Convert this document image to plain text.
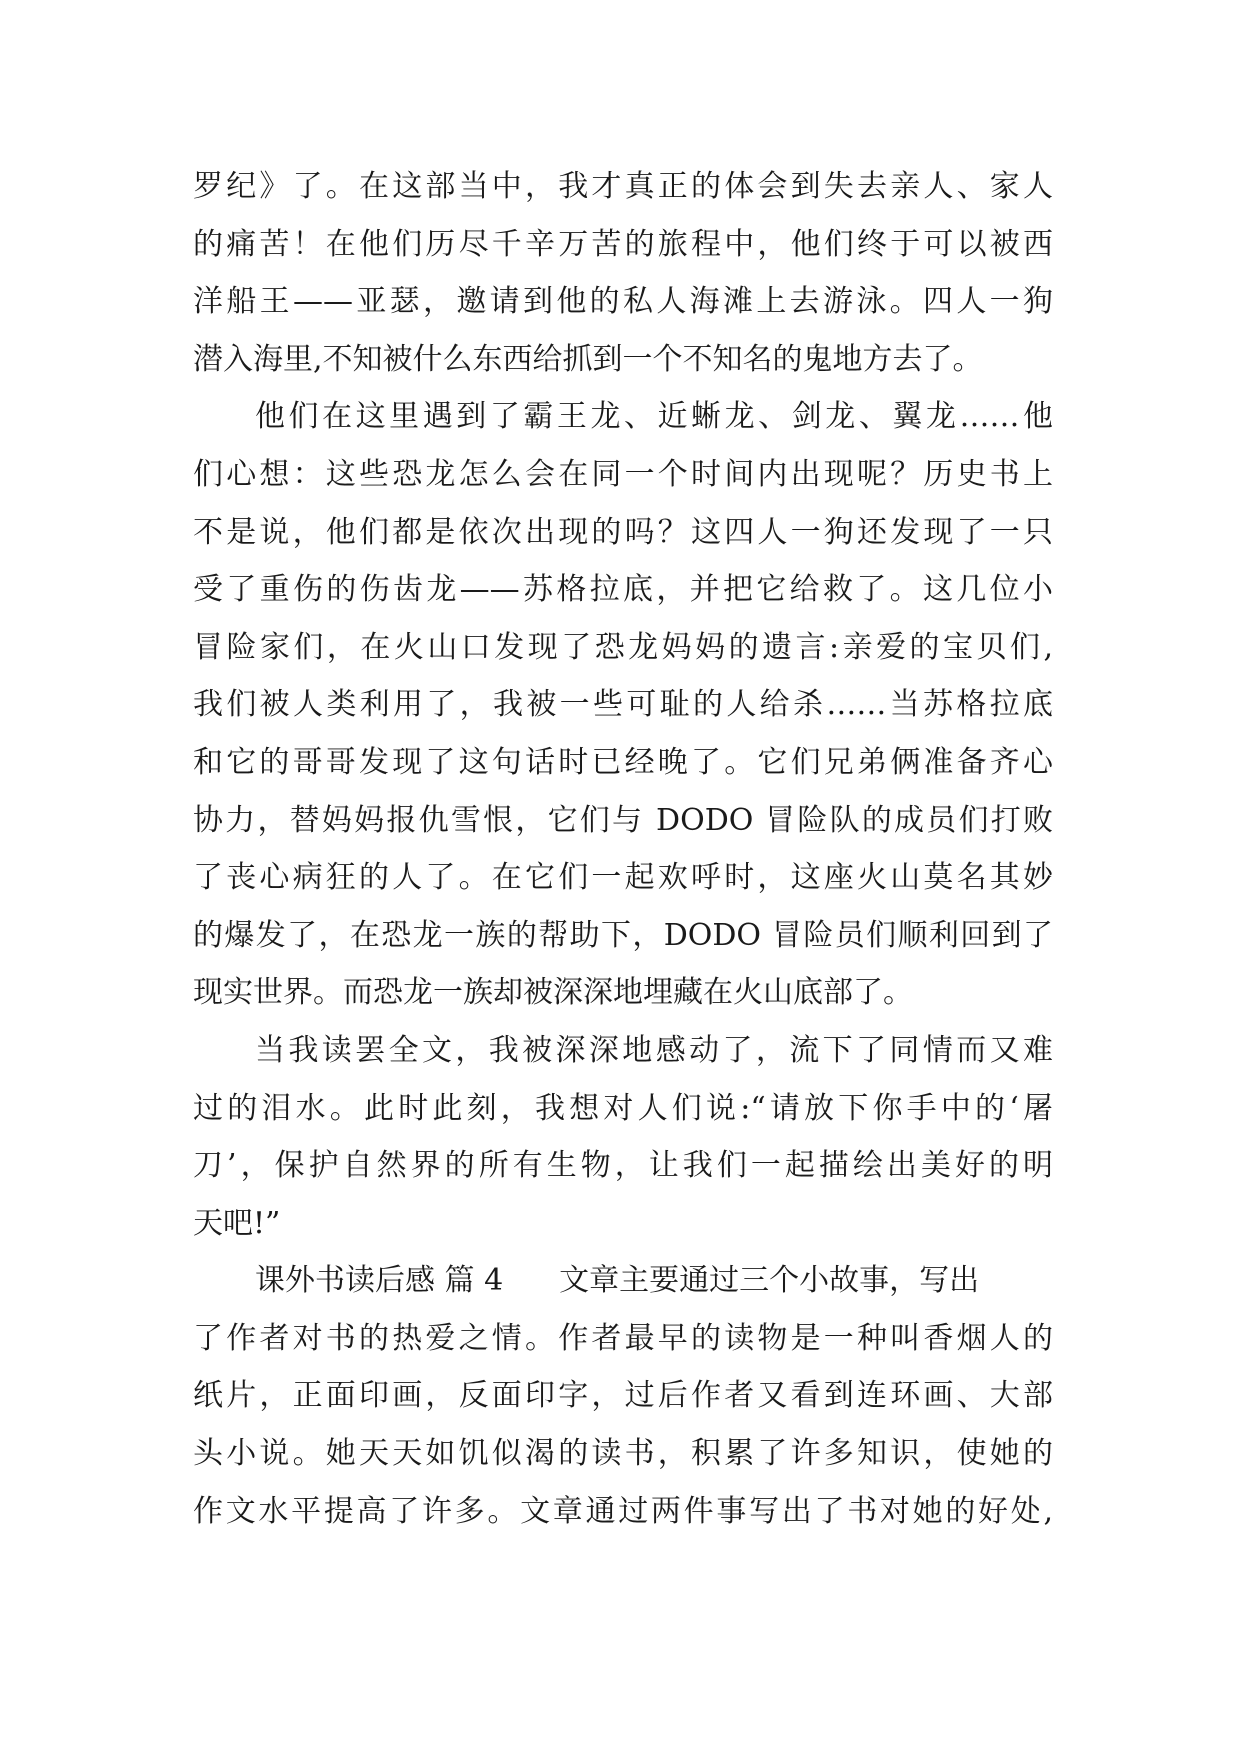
罗纪》了。在这部当中，我才真正的体会到失去亲人、家人
的痛苦！在他们历尽千辛万苦的旅程中，他们终于可以被西
洋船王——亚瑟，邀请到他的私人海滩上去游泳。四人一狗
潜入海里,不知被什么东西给抓到一个不知名的鬼地方去了。
他们在这里遇到了霸王龙、近蜥龙、剑龙、翼龙……他
们心想：这些恐龙怎么会在同一个时间内出现呢？历史书上
不是说，他们都是依次出现的吗？这四人一狗还发现了一只
受了重伤的伤齿龙——苏格拉底，并把它给救了。这几位小
冒险家们，在火山口发现了恐龙妈妈的遗言:亲爱的宝贝们,
我们被人类利用了，我被一些可耻的人给杀……当苏格拉底
和它的哥哥发现了这句话时已经晚了。它们兄弟俩准备齐心
协力，替妈妈报仇雪恨，它们与 DODO 冒险队的成员们打败
了丧心病狂的人了。在它们一起欢呼时，这座火山莫名其妙
的爆发了，在恐龙一族的帮助下，DODO 冒险员们顺利回到了
现实世界。而恐龙一族却被深深地埋藏在火山底部了。
当我读罢全文，我被深深地感动了，流下了同情而又难
过的泪水。此时此刻，我想对人们说:“请放下你手中的‘屠
刀’，保护自然界的所有生物，让我们一起描绘出美好的明
天吧!”
课外书读后感 篇 4 文章主要通过三个小故事，写出
了作者对书的热爱之情。作者最早的读物是一种叫香烟人的
纸片，正面印画，反面印字，过后作者又看到连环画、大部
头小说。她天天如饥似渴的读书，积累了许多知识，使她的
作文水平提高了许多。文章通过两件事写出了书对她的好处,
